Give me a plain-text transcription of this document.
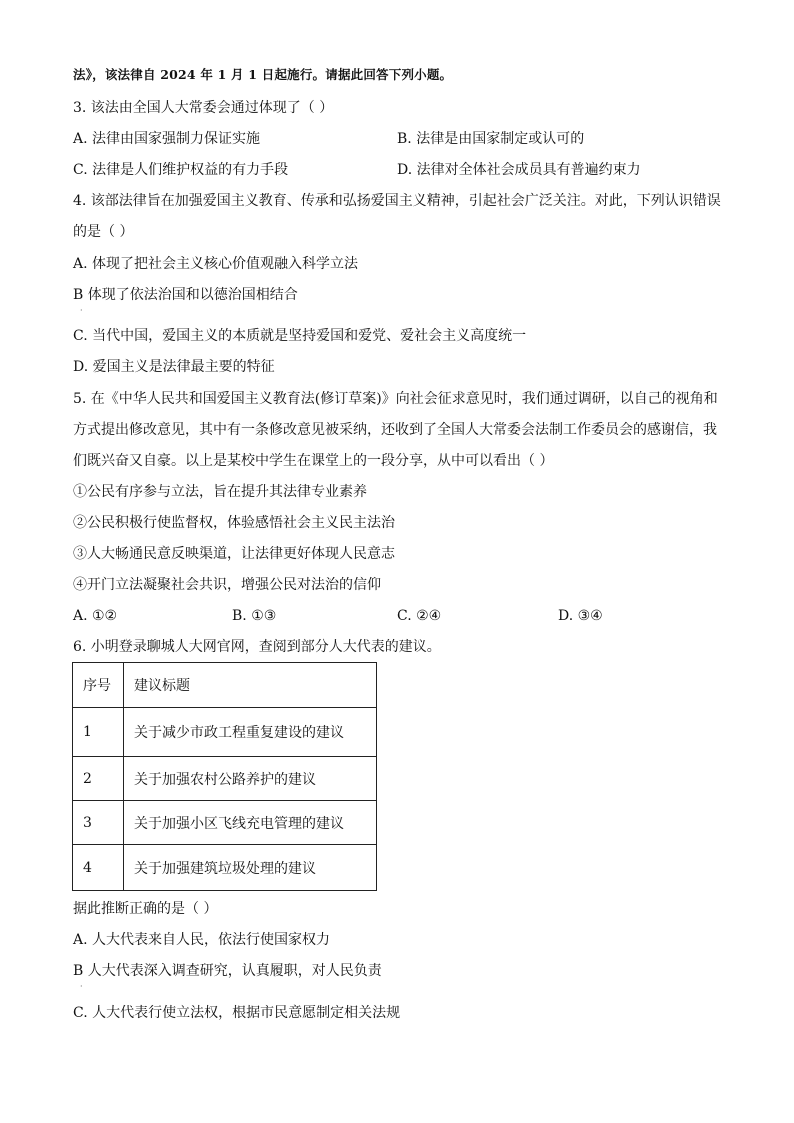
法》，该法律自 2024 年 1 月 1 日起施行。请据此回答下列小题。
3. 该法由全国人大常委会通过体现了（ ）
A. 法律由国家强制力保证实施	B. 法律是由国家制定或认可的
C. 法律是人们维护权益的有力手段	D. 法律对全体社会成员具有普遍约束力
4. 该部法律旨在加强爱国主义教育、传承和弘扬爱国主义精神，引起社会广泛关注。对此，下列认识错误
的是（ ）
A. 体现了把社会主义核心价值观融入科学立法
B 体现了依法治国和以德治国相结合
·
C. 当代中国，爱国主义的本质就是坚持爱国和爱党、爱社会主义高度统一
D. 爱国主义是法律最主要的特征
5. 在《中华人民共和国爱国主义教育法(修订草案)》向社会征求意见时，我们通过调研，以自己的视角和
方式提出修改意见，其中有一条修改意见被采纳，还收到了全国人大常委会法制工作委员会的感谢信，我
们既兴奋又自豪。以上是某校中学生在课堂上的一段分享，从中可以看出（ ）
①公民有序参与立法，旨在提升其法律专业素养
②公民积极行使监督权，体验感悟社会主义民主法治
③人大畅通民意反映渠道，让法律更好体现人民意志
④开门立法凝聚社会共识，增强公民对法治的信仰
A. ①②	B. ①③	C. ②④	D. ③④
6. 小明登录聊城人大网官网，查阅到部分人大代表的建议。
序号	建议标题
1	关于减少市政工程重复建设的建议
2	关于加强农村公路养护的建议
3	关于加强小区飞线充电管理的建议
4	关于加强建筑垃圾处理的建议
据此推断正确的是（ ）
A. 人大代表来自人民，依法行使国家权力
B 人大代表深入调查研究，认真履职，对人民负责
·
C. 人大代表行使立法权，根据市民意愿制定相关法规
